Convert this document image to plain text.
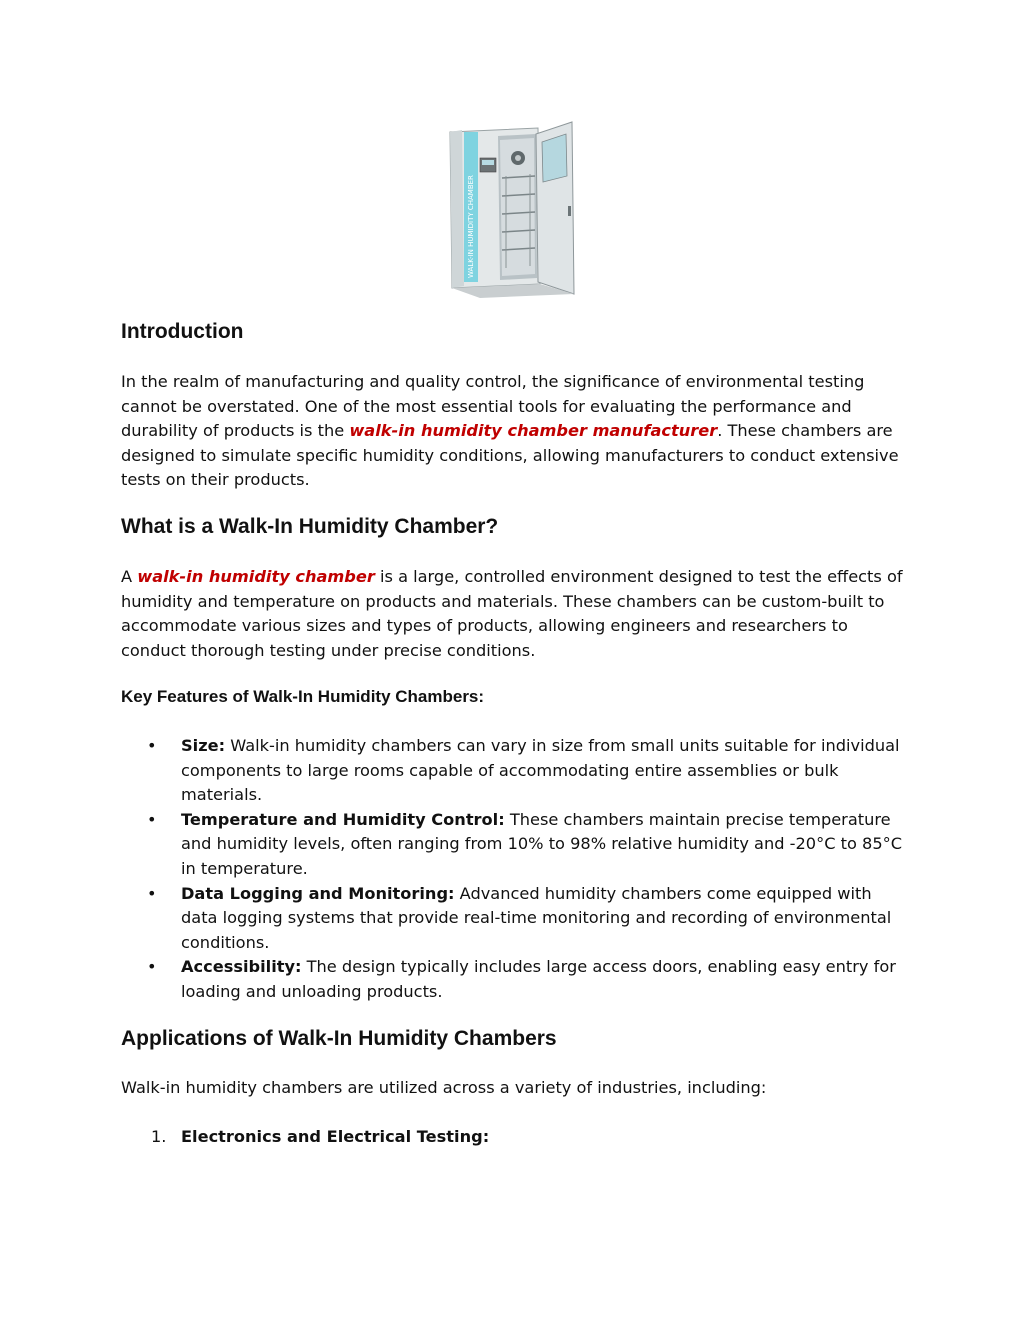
WALK-IN HUMIDITY CHAMBER
Introduction

In the realm of manufacturing and quality control, the significance of environmental testing cannot be overstated. One of the most essential tools for evaluating the performance and durability of products is the walk-in humidity chamber manufacturer. These chambers are designed to simulate specific humidity conditions, allowing manufacturers to conduct extensive tests on their products.

What is a Walk-In Humidity Chamber?

A walk-in humidity chamber is a large, controlled environment designed to test the effects of humidity and temperature on products and materials. These chambers can be custom-built to accommodate various sizes and types of products, allowing engineers and researchers to conduct thorough testing under precise conditions.

Key Features of Walk-In Humidity Chambers:
• Size: Walk-in humidity chambers can vary in size from small units suitable for individual components to large rooms capable of accommodating entire assemblies or bulk materials.
• Temperature and Humidity Control: These chambers maintain precise temperature and humidity levels, often ranging from 10% to 98% relative humidity and -20°C to 85°C in temperature.
• Data Logging and Monitoring: Advanced humidity chambers come equipped with data logging systems that provide real-time monitoring and recording of environmental conditions.
• Accessibility: The design typically includes large access doors, enabling easy entry for loading and unloading products.
Applications of Walk-In Humidity Chambers

Walk-in humidity chambers are utilized across a variety of industries, including:

1. Electronics and Electrical Testing:
